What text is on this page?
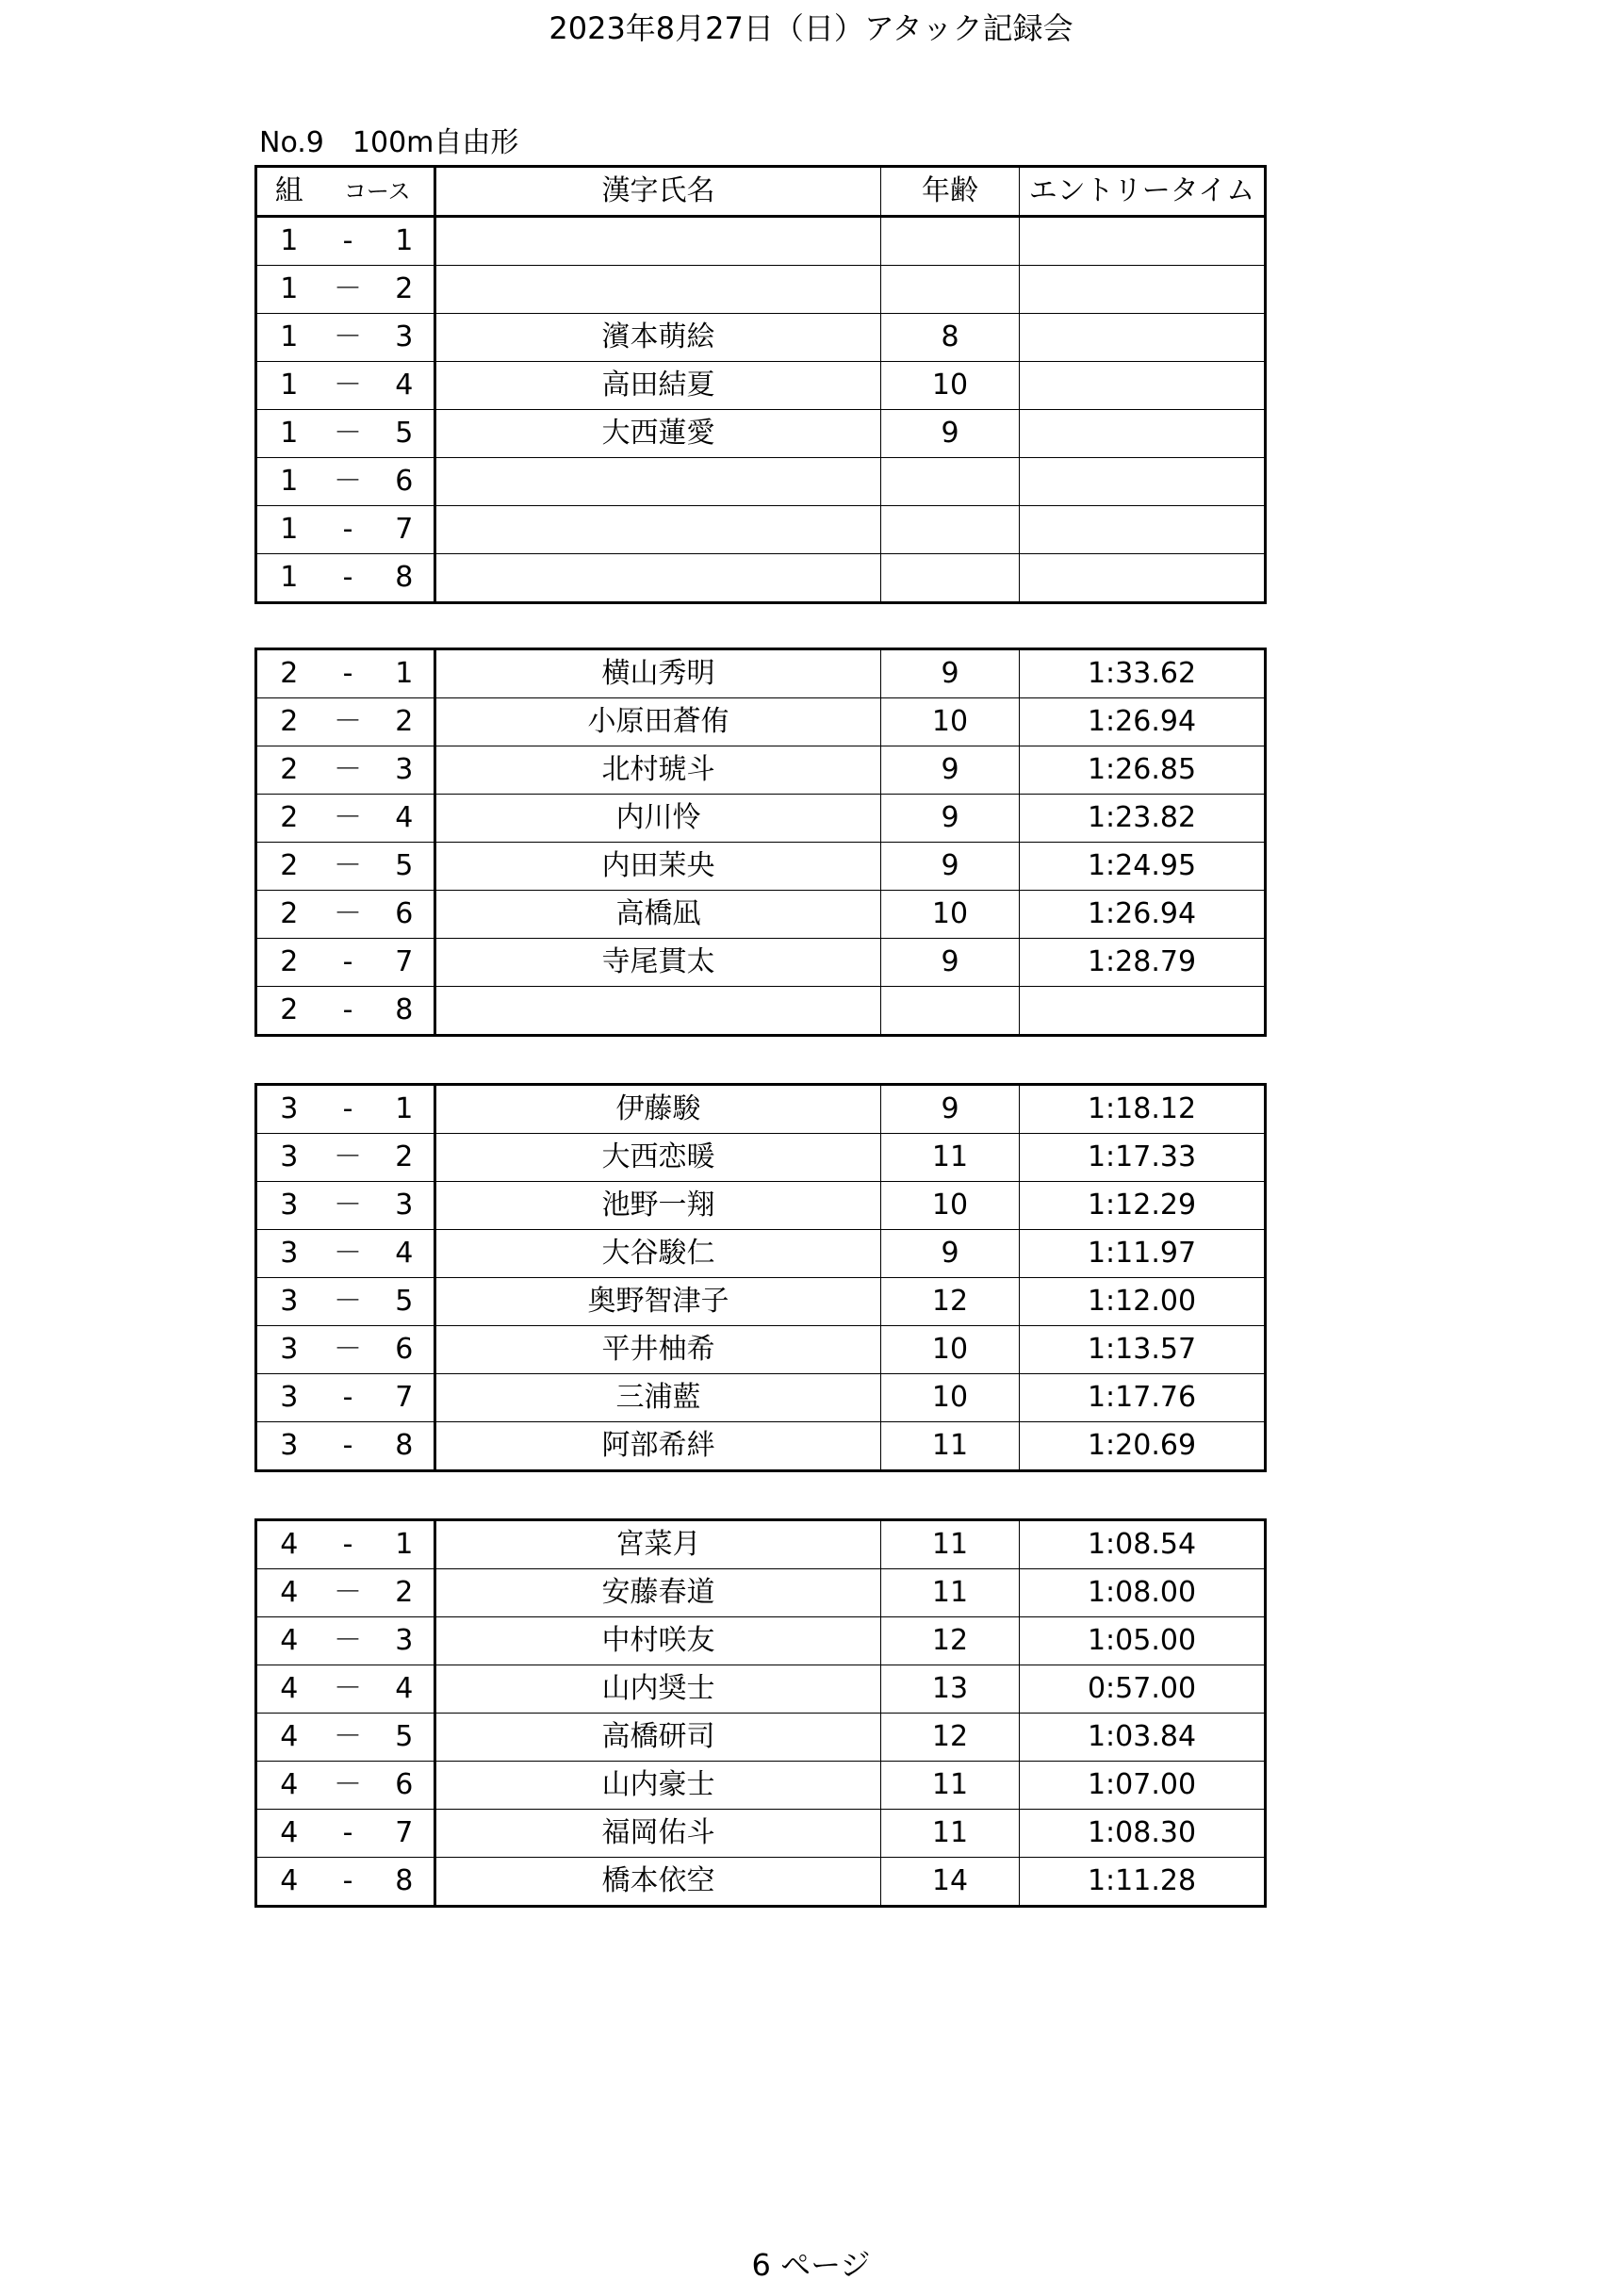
2023年8月27日（日）アタック記録会
No.9　100m自由形
組	コース		漢字氏名	年齢	エントリータイム
1	-	1			
1	－	2			
1	－	3	濱本萌絵	8	
1	－	4	高田結夏	10	
1	－	5	大西蓮愛	9	
1	－	6			
1	-	7			
1	-	8			
2	-	1	横山秀明	9	1:33.62
2	－	2	小原田蒼侑	10	1:26.94
2	－	3	北村琥斗	9	1:26.85
2	－	4	内川怜	9	1:23.82
2	－	5	内田茉央	9	1:24.95
2	－	6	高橋凪	10	1:26.94
2	-	7	寺尾貫太	9	1:28.79
2	-	8			
3	-	1	伊藤駿	9	1:18.12
3	－	2	大西恋暖	11	1:17.33
3	－	3	池野一翔	10	1:12.29
3	－	4	大谷駿仁	9	1:11.97
3	－	5	奥野智津子	12	1:12.00
3	－	6	平井柚希	10	1:13.57
3	-	7	三浦藍	10	1:17.76
3	-	8	阿部希絆	11	1:20.69
4	-	1	宮菜月	11	1:08.54
4	－	2	安藤春道	11	1:08.00
4	－	3	中村咲友	12	1:05.00
4	－	4	山内奨士	13	0:57.00
4	－	5	高橋研司	12	1:03.84
4	－	6	山内豪士	11	1:07.00
4	-	7	福岡佑斗	11	1:08.30
4	-	8	橋本依空	14	1:11.28
6 ページ
